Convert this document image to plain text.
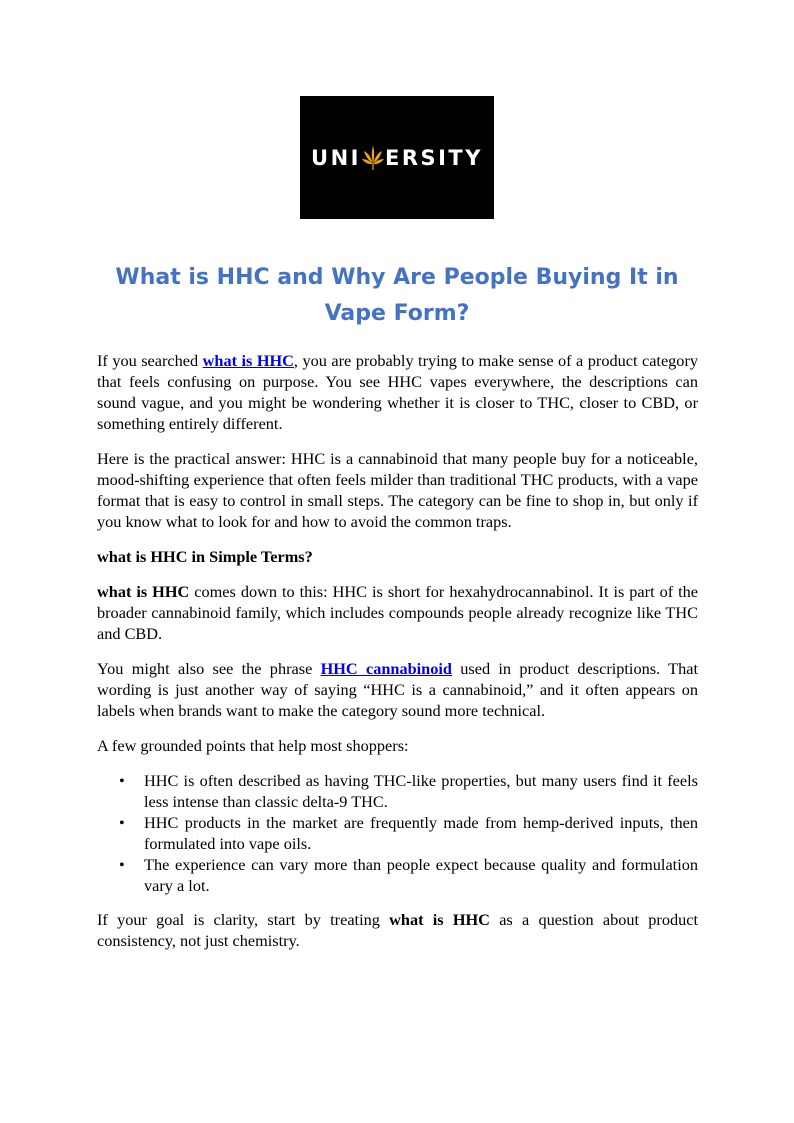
UNI ERSITY
What is HHC and Why Are People Buying It in Vape Form?

If you searched what is HHC, you are probably trying to make sense of a product category that feels confusing on purpose. You see HHC vapes everywhere, the descriptions can sound vague, and you might be wondering whether it is closer to THC, closer to CBD, or something entirely different.

Here is the practical answer: HHC is a cannabinoid that many people buy for a noticeable, mood-shifting experience that often feels milder than traditional THC products, with a vape format that is easy to control in small steps. The category can be fine to shop in, but only if you know what to look for and how to avoid the common traps.

what is HHC in Simple Terms?

what is HHC comes down to this: HHC is short for hexahydrocannabinol. It is part of the broader cannabinoid family, which includes compounds people already recognize like THC and CBD.

You might also see the phrase HHC cannabinoid used in product descriptions. That wording is just another way of saying “HHC is a cannabinoid,” and it often appears on labels when brands want to make the category sound more technical.

A few grounded points that help most shoppers:

• HHC is often described as having THC-like properties, but many users find it feels less intense than classic delta-9 THC.
• HHC products in the market are frequently made from hemp-derived inputs, then formulated into vape oils.
• The experience can vary more than people expect because quality and formulation vary a lot.

If your goal is clarity, start by treating what is HHC as a question about product consistency, not just chemistry.
